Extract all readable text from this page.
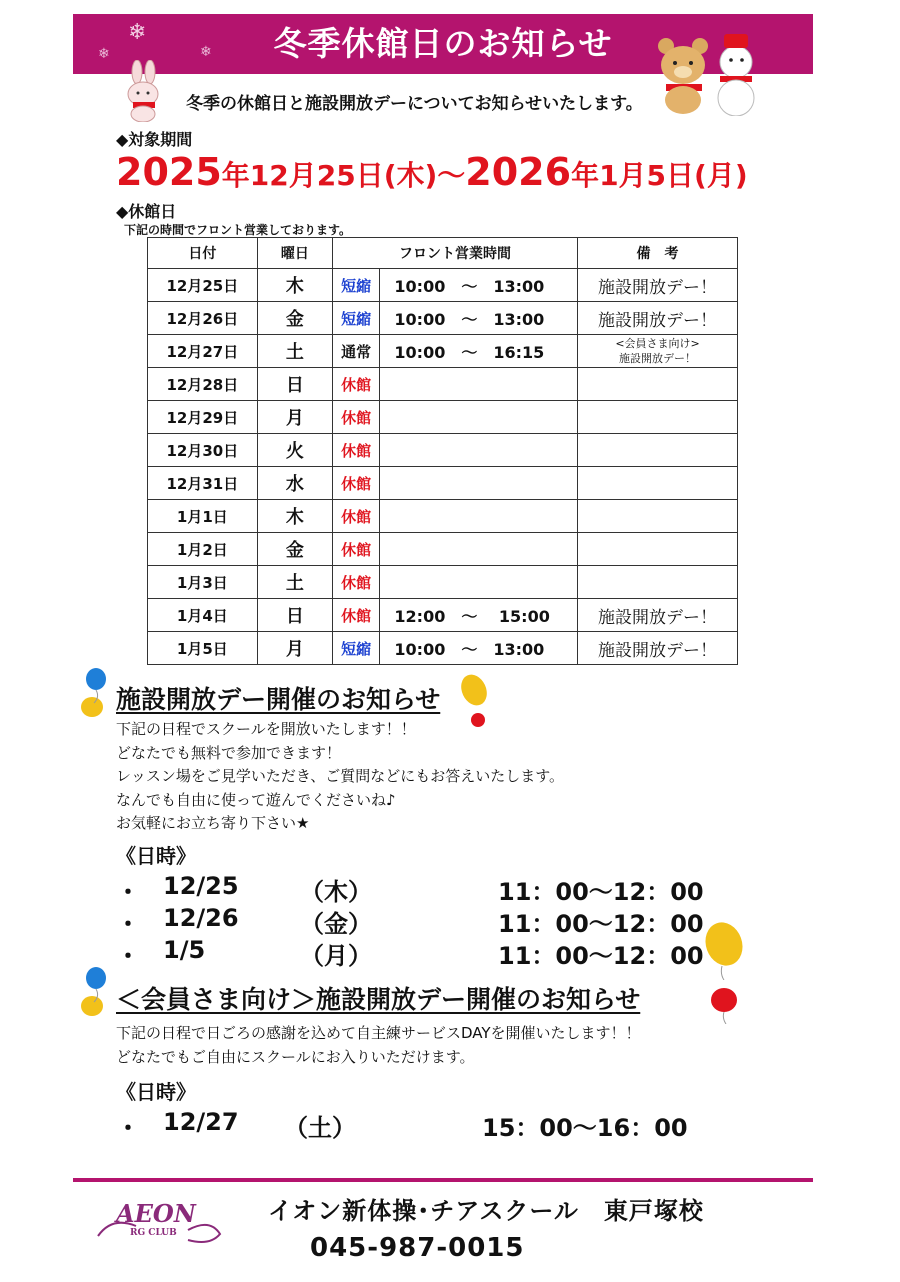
冬季休館日のお知らせ
❄
❄	❄
冬季の休館日と施設開放デーについてお知らせいたします。
◆対象期間
2025年12月25日(木)～2026年1月5日(月)
◆休館日
下記の時間でフロント営業しております。
日付	曜日	フロント営業時間		備　考
12月25日	木	短縮	10:00　～　13:00	施設開放デー！
12月26日	金	短縮	10:00　～　13:00	施設開放デー！
12月27日	土	通常	10:00　～　16:15	<会員さま向け>
施設開放デー！

12月28日	日	休館		
12月29日	月	休館		
12月30日	火	休館		
12月31日	水	休館		
1月1日	木	休館		
1月2日	金	休館		
1月3日	土	休館		
1月4日	日	休館	12:00　～　 15:00	施設開放デー！
1月5日	月	短縮	10:00　～　13:00	施設開放デー！
施設開放デー開催のお知らせ
下記の日程でスクールを開放いたします！！
どなたでも無料で参加できます！
レッスン場をご見学いただき、ご質問などにもお答えいたします。
なんでも自由に使って遊んでくださいね♪
お気軽にお立ち寄り下さい★
《日時》
・ 12/25	（木）	11：00～12：00
・ 12/26	（金）	11：00～12：00
・ 1/5	（月）	11：00～12：00
＜会員さま向け＞施設開放デー開催のお知らせ
下記の日程で日ごろの感謝を込めて自主練サービスDAYを開催いたします！！
どなたでもご自由にスクールにお入りいただけます。
《日時》
・ 12/27 （土）	15：00～16：00
AEON
RG CLUB
イオン新体操･チアスクール　東戸塚校
045-987-0015
